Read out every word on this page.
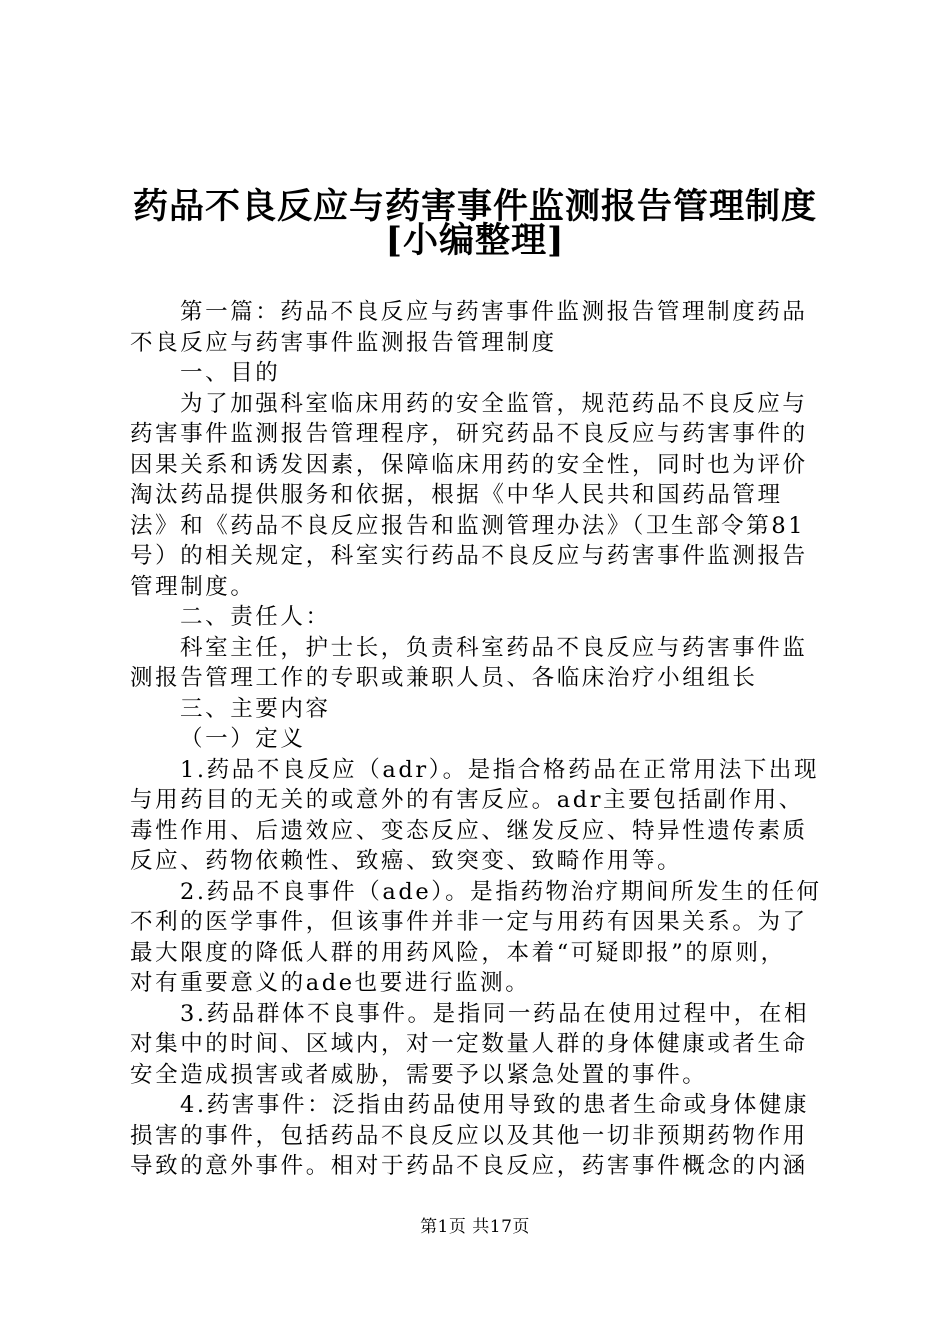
药品不良反应与药害事件监测报告管理制度
[小编整理]
第一篇：药品不良反应与药害事件监测报告管理制度药品
不良反应与药害事件监测报告管理制度
一、目的
为了加强科室临床用药的安全监管，规范药品不良反应与
药害事件监测报告管理程序，研究药品不良反应与药害事件的
因果关系和诱发因素，保障临床用药的安全性，同时也为评价
淘汰药品提供服务和依据，根据《中华人民共和国药品管理
法》和《药品不良反应报告和监测管理办法》（卫生部令第81
号）的相关规定，科室实行药品不良反应与药害事件监测报告
管理制度。
二、责任人：
科室主任，护士长，负责科室药品不良反应与药害事件监
测报告管理工作的专职或兼职人员、各临床治疗小组组长
三、主要内容
（一）定义
1.药品不良反应（adr）。是指合格药品在正常用法下出现
与用药目的无关的或意外的有害反应。adr主要包括副作用、
毒性作用、后遗效应、变态反应、继发反应、特异性遗传素质
反应、药物依赖性、致癌、致突变、致畸作用等。
2.药品不良事件（ade）。是指药物治疗期间所发生的任何
不利的医学事件，但该事件并非一定与用药有因果关系。为了
最大限度的降低人群的用药风险，本着“可疑即报”的原则，
对有重要意义的ade也要进行监测。
3.药品群体不良事件。是指同一药品在使用过程中，在相
对集中的时间、区域内，对一定数量人群的身体健康或者生命
安全造成损害或者威胁，需要予以紧急处置的事件。
4.药害事件：泛指由药品使用导致的患者生命或身体健康
损害的事件，包括药品不良反应以及其他一切非预期药物作用
导致的意外事件。相对于药品不良反应，药害事件概念的内涵
第1页 共17页
